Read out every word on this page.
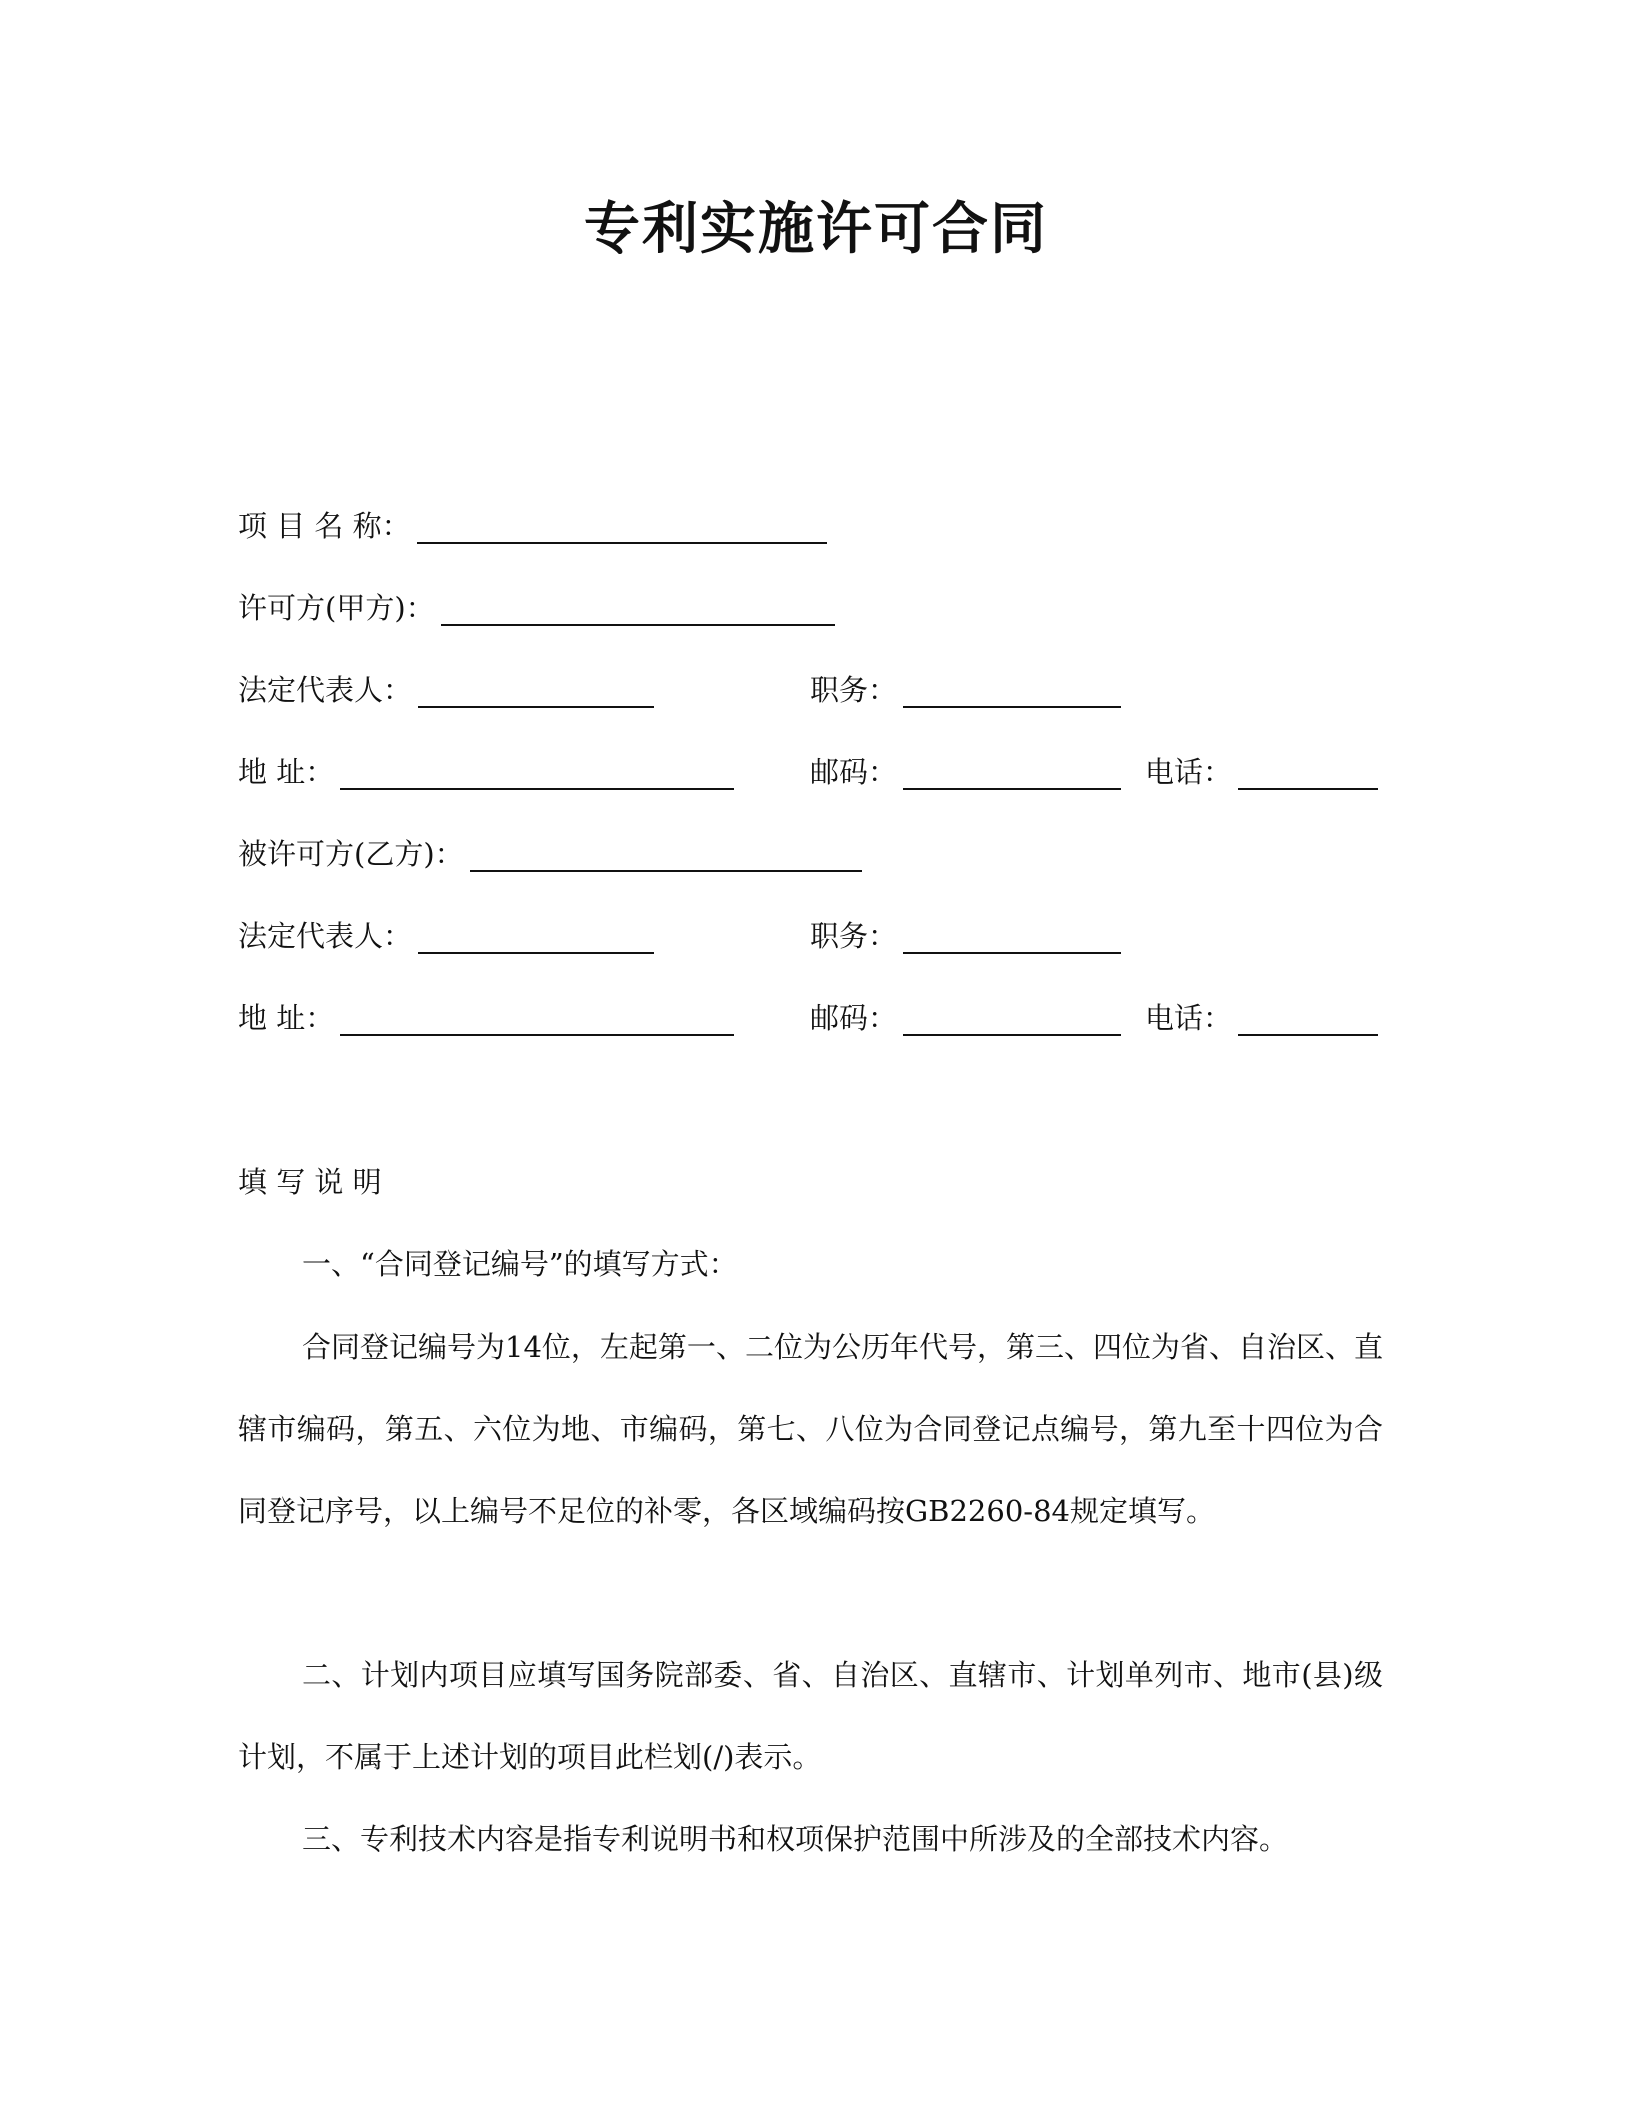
专利实施许可合同
项 目 名 称：
许可方(甲方)：
法定代表人：	职务：
地 址：	邮码：	电话：
被许可方(乙方)：
法定代表人：	职务：
地 址：	邮码：	电话：
填 写 说 明
一、“合同登记编号”的填写方式：
合同登记编号为14位，左起第一、二位为公历年代号，第三、四位为省、自治区、直辖市编码，第五、六位为地、市编码，第七、八位为合同登记点编号，第九至十四位为合同登记序号，以上编号不足位的补零，各区域编码按GB2260-84规定填写。
二、计划内项目应填写国务院部委、省、自治区、直辖市、计划单列市、地市(县)级计划，不属于上述计划的项目此栏划(/)表示。
三、专利技术内容是指专利说明书和权项保护范围中所涉及的全部技术内容。
